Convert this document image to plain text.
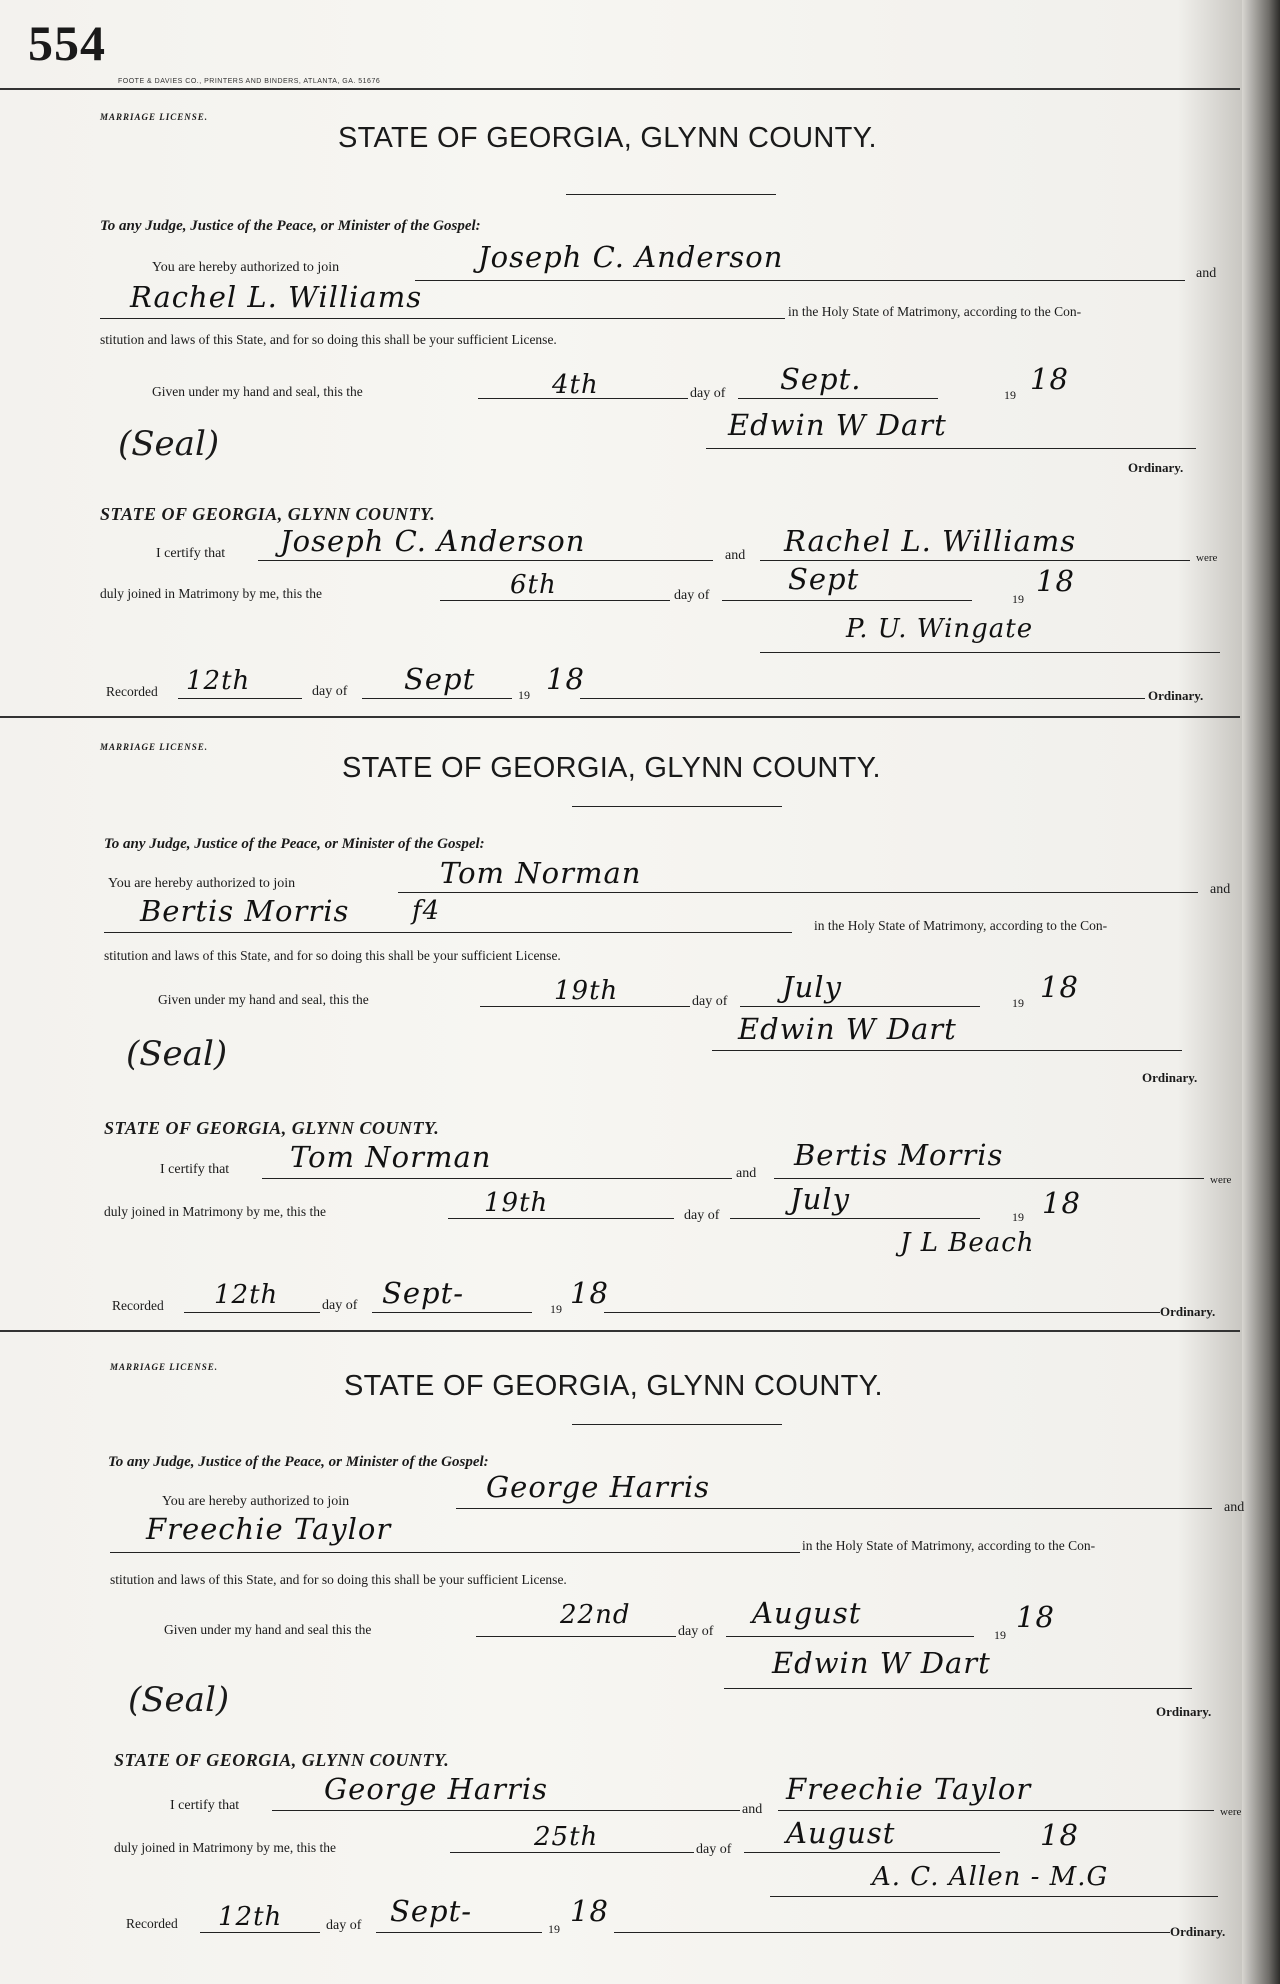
554
FOOTE & DAVIES CO., PRINTERS AND BINDERS, ATLANTA, GA. 51676
MARRIAGE LICENSE.
STATE OF GEORGIA, GLYNN COUNTY.
To any Judge, Justice of the Peace, or Minister of the Gospel:
You are hereby authorized to join	Joseph C. Anderson	and
Rachel L. Williams	in the Holy State of Matrimony, according to the Con-
stitution and laws of this State, and for so doing this shall be your sufficient License.
Given under my hand and seal, this the	4th	day of Sept.	19 18
(Seal)	Edwin W Dart
Ordinary.
STATE OF GEORGIA, GLYNN COUNTY.
I certify that Joseph C. Anderson	and Rachel L. Williams	were
duly joined in Matrimony by me, this the	6th	day of	Sept
19
18
P. U. Wingate
Recorded 12th	day of Sept	19 18	Ordinary.
MARRIAGE LICENSE.
STATE OF GEORGIA, GLYNN COUNTY.
To any Judge, Justice of the Peace, or Minister of the Gospel:
You are hereby authorized to join	Tom Norman	and
Bertis Morris f4	in the Holy State of Matrimony, according to the Con-
stitution and laws of this State, and for so doing this shall be your sufficient License.
Given under my hand and seal, this the	19th	day of July	19 18
(Seal)
Edwin W Dart
Ordinary.
STATE OF GEORGIA, GLYNN COUNTY.
I certify that Tom Norman	and
Bertis Morris
were
duly joined in Matrimony by me, this the	19th	day of July
19 18
J L Beach
Recorded 12th	day of Sept-	19 18
Ordinary.
MARRIAGE LICENSE.
STATE OF GEORGIA, GLYNN COUNTY.
To any Judge, Justice of the Peace, or Minister of the Gospel:
You are hereby authorized to join	George Harris
and
Freechie Taylor	in the Holy State of Matrimony, according to the Con-
stitution and laws of this State, and for so doing this shall be your sufficient License.
Given under my hand and seal this the	22nd
day of
August
19
18
(Seal)
Edwin W Dart
Ordinary.
STATE OF GEORGIA, GLYNN COUNTY.
I certify that	George Harris
and
Freechie Taylor
were
duly joined in Matrimony by me, this the	25th	day of August	18
A. C. Allen - M.G
Recorded 12th	day of Sept-
19
18
Ordinary.
